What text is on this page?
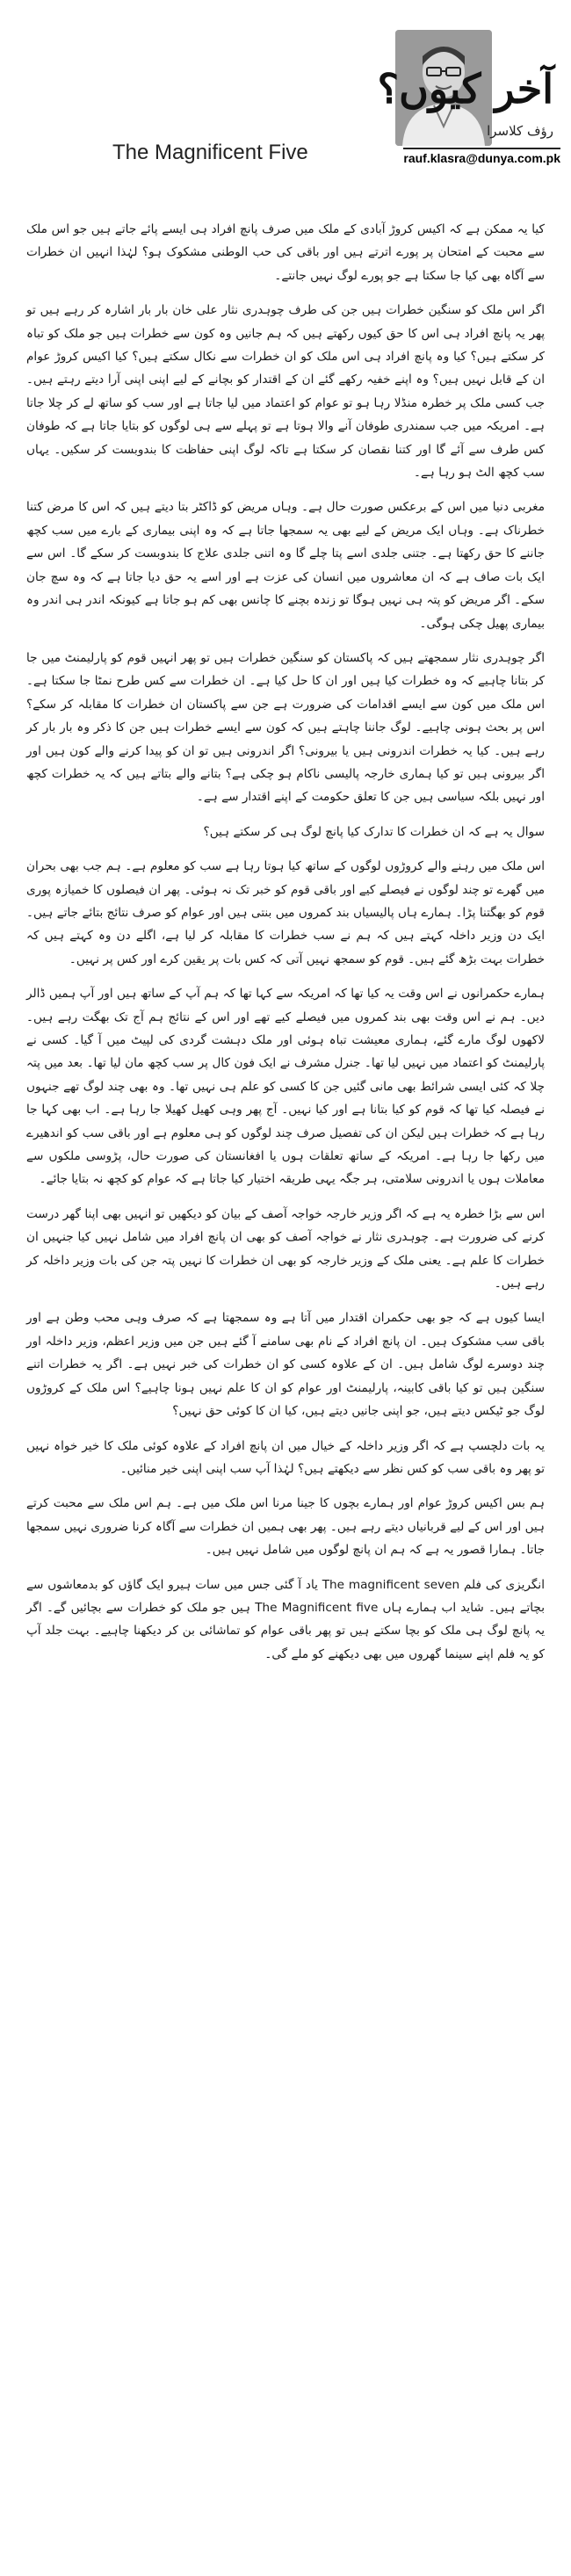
The Magnificent Five
آخر کیوں؟
رؤف کلاسرا
rauf.klasra@dunya.com.pk

کیا یہ ممکن ہے کہ اکیس کروڑ آبادی کے ملک میں صرف پانچ افراد ہی ایسے پائے جاتے ہیں جو اس ملک سے محبت کے امتحان پر پورے اترتے ہیں اور باقی کی حب الوطنی مشکوک ہو؟ لہٰذا انہیں ان خطرات سے آگاہ بھی کیا جا سکتا ہے جو پورے لوگ نہیں جانتے۔

اگر اس ملک کو سنگین خطرات ہیں جن کی طرف چوہدری نثار علی خان بار بار اشارہ کر رہے ہیں تو پھر یہ پانچ افراد ہی اس کا حق کیوں رکھتے ہیں کہ ہم جانیں وہ کون سے خطرات ہیں جو ملک کو تباہ کر سکتے ہیں؟ کیا وہ پانچ افراد ہی اس ملک کو ان خطرات سے نکال سکتے ہیں؟ کیا اکیس کروڑ عوام ان کے قابل نہیں ہیں؟ وہ اپنے خفیہ رکھے گئے ان کے اقتدار کو بچانے کے لیے اپنی اپنی آرا دیتے رہتے ہیں۔ جب کسی ملک پر خطرہ منڈلا رہا ہو تو عوام کو اعتماد میں لیا جاتا ہے اور سب کو ساتھ لے کر چلا جاتا ہے۔ امریکہ میں جب سمندری طوفان آنے والا ہوتا ہے تو پہلے سے ہی لوگوں کو بتایا جاتا ہے کہ طوفان کس طرف سے آئے گا اور کتنا نقصان کر سکتا ہے تاکہ لوگ اپنی حفاظت کا بندوبست کر سکیں۔ یہاں سب کچھ الٹ ہو رہا ہے۔

مغربی دنیا میں اس کے برعکس صورت حال ہے۔ وہاں مریض کو ڈاکٹر بتا دیتے ہیں کہ اس کا مرض کتنا خطرناک ہے۔ وہاں ایک مریض کے لیے بھی یہ سمجھا جاتا ہے کہ وہ اپنی بیماری کے بارے میں سب کچھ جاننے کا حق رکھتا ہے۔ جتنی جلدی اسے پتا چلے گا وہ اتنی جلدی علاج کا بندوبست کر سکے گا۔ اس سے ایک بات صاف ہے کہ ان معاشروں میں انسان کی عزت ہے اور اسے یہ حق دیا جاتا ہے کہ وہ سچ جان سکے۔ اگر مریض کو پتہ ہی نہیں ہوگا تو زندہ بچنے کا چانس بھی کم ہو جاتا ہے کیونکہ اندر ہی اندر وہ بیماری پھیل چکی ہوگی۔

اگر چوہدری نثار سمجھتے ہیں کہ پاکستان کو سنگین خطرات ہیں تو پھر انہیں قوم کو پارلیمنٹ میں جا کر بتانا چاہیے کہ وہ خطرات کیا ہیں اور ان کا حل کیا ہے۔ ان خطرات سے کس طرح نمٹا جا سکتا ہے۔ اس ملک میں کون سے ایسے اقدامات کی ضرورت ہے جن سے پاکستان ان خطرات کا مقابلہ کر سکے؟ اس پر بحث ہونی چاہیے۔ لوگ جاننا چاہتے ہیں کہ کون سے ایسے خطرات ہیں جن کا ذکر وہ بار بار کر رہے ہیں۔ کیا یہ خطرات اندرونی ہیں یا بیرونی؟ اگر اندرونی ہیں تو ان کو پیدا کرنے والے کون ہیں اور اگر بیرونی ہیں تو کیا ہماری خارجہ پالیسی ناکام ہو چکی ہے؟ بتانے والے بتاتے ہیں کہ یہ خطرات کچھ اور نہیں بلکہ سیاسی ہیں جن کا تعلق حکومت کے اپنے اقتدار سے ہے۔

سوال یہ ہے کہ ان خطرات کا تدارک کیا پانچ لوگ ہی کر سکتے ہیں؟

اس ملک میں رہنے والے کروڑوں لوگوں کے ساتھ کیا ہوتا رہا ہے سب کو معلوم ہے۔ ہم جب بھی بحران میں گھرے تو چند لوگوں نے فیصلے کیے اور باقی قوم کو خبر تک نہ ہوئی۔ پھر ان فیصلوں کا خمیازہ پوری قوم کو بھگتنا پڑا۔ ہمارے ہاں پالیسیاں بند کمروں میں بنتی ہیں اور عوام کو صرف نتائج بتائے جاتے ہیں۔ ایک دن وزیر داخلہ کہتے ہیں کہ ہم نے سب خطرات کا مقابلہ کر لیا ہے، اگلے دن وہ کہتے ہیں کہ خطرات بہت بڑھ گئے ہیں۔ قوم کو سمجھ نہیں آتی کہ کس بات پر یقین کرے اور کس پر نہیں۔

ہمارے حکمرانوں نے اس وقت یہ کیا تھا کہ امریکہ سے کہا تھا کہ ہم آپ کے ساتھ ہیں اور آپ ہمیں ڈالر دیں۔ ہم نے اس وقت بھی بند کمروں میں فیصلے کیے تھے اور اس کے نتائج ہم آج تک بھگت رہے ہیں۔ لاکھوں لوگ مارے گئے، ہماری معیشت تباہ ہوئی اور ملک دہشت گردی کی لپیٹ میں آ گیا۔ کسی نے پارلیمنٹ کو اعتماد میں نہیں لیا تھا۔ جنرل مشرف نے ایک فون کال پر سب کچھ مان لیا تھا۔ بعد میں پتہ چلا کہ کئی ایسی شرائط بھی مانی گئیں جن کا کسی کو علم ہی نہیں تھا۔ وہ بھی چند لوگ تھے جنہوں نے فیصلہ کیا تھا کہ قوم کو کیا بتانا ہے اور کیا نہیں۔ آج پھر وہی کھیل کھیلا جا رہا ہے۔ اب بھی کہا جا رہا ہے کہ خطرات ہیں لیکن ان کی تفصیل صرف چند لوگوں کو ہی معلوم ہے اور باقی سب کو اندھیرے میں رکھا جا رہا ہے۔ امریکہ کے ساتھ تعلقات ہوں یا افغانستان کی صورت حال، پڑوسی ملکوں سے معاملات ہوں یا اندرونی سلامتی، ہر جگہ یہی طریقہ اختیار کیا جاتا ہے کہ عوام کو کچھ نہ بتایا جائے۔

اس سے بڑا خطرہ یہ ہے کہ اگر وزیر خارجہ خواجہ آصف کے بیان کو دیکھیں تو انہیں بھی اپنا گھر درست کرنے کی ضرورت ہے۔ چوہدری نثار نے خواجہ آصف کو بھی ان پانچ افراد میں شامل نہیں کیا جنہیں ان خطرات کا علم ہے۔ یعنی ملک کے وزیر خارجہ کو بھی ان خطرات کا نہیں پتہ جن کی بات وزیر داخلہ کر رہے ہیں۔

ایسا کیوں ہے کہ جو بھی حکمران اقتدار میں آتا ہے وہ سمجھتا ہے کہ صرف وہی محب وطن ہے اور باقی سب مشکوک ہیں۔ ان پانچ افراد کے نام بھی سامنے آ گئے ہیں جن میں وزیر اعظم، وزیر داخلہ اور چند دوسرے لوگ شامل ہیں۔ ان کے علاوہ کسی کو ان خطرات کی خبر نہیں ہے۔ اگر یہ خطرات اتنے سنگین ہیں تو کیا باقی کابینہ، پارلیمنٹ اور عوام کو ان کا علم نہیں ہونا چاہیے؟ اس ملک کے کروڑوں لوگ جو ٹیکس دیتے ہیں، جو اپنی جانیں دیتے ہیں، کیا ان کا کوئی حق نہیں؟

یہ بات دلچسپ ہے کہ اگر وزیر داخلہ کے خیال میں ان پانچ افراد کے علاوہ کوئی ملک کا خیر خواہ نہیں تو پھر وہ باقی سب کو کس نظر سے دیکھتے ہیں؟ لہٰذا آپ سب اپنی اپنی خیر منائیں۔

ہم بس اکیس کروڑ عوام اور ہمارے بچوں کا جینا مرنا اس ملک میں ہے۔ ہم اس ملک سے محبت کرتے ہیں اور اس کے لیے قربانیاں دیتے رہے ہیں۔ پھر بھی ہمیں ان خطرات سے آگاہ کرنا ضروری نہیں سمجھا جاتا۔ ہمارا قصور یہ ہے کہ ہم ان پانچ لوگوں میں شامل نہیں ہیں۔

انگریزی کی فلم The magnificent seven یاد آ گئی جس میں سات ہیرو ایک گاؤں کو بدمعاشوں سے بچاتے ہیں۔ شاید اب ہمارے ہاں The Magnificent five ہیں جو ملک کو خطرات سے بچائیں گے۔ اگر یہ پانچ لوگ ہی ملک کو بچا سکتے ہیں تو پھر باقی عوام کو تماشائی بن کر دیکھنا چاہیے۔ بہت جلد آپ کو یہ فلم اپنے سینما گھروں میں بھی دیکھنے کو ملے گی۔
